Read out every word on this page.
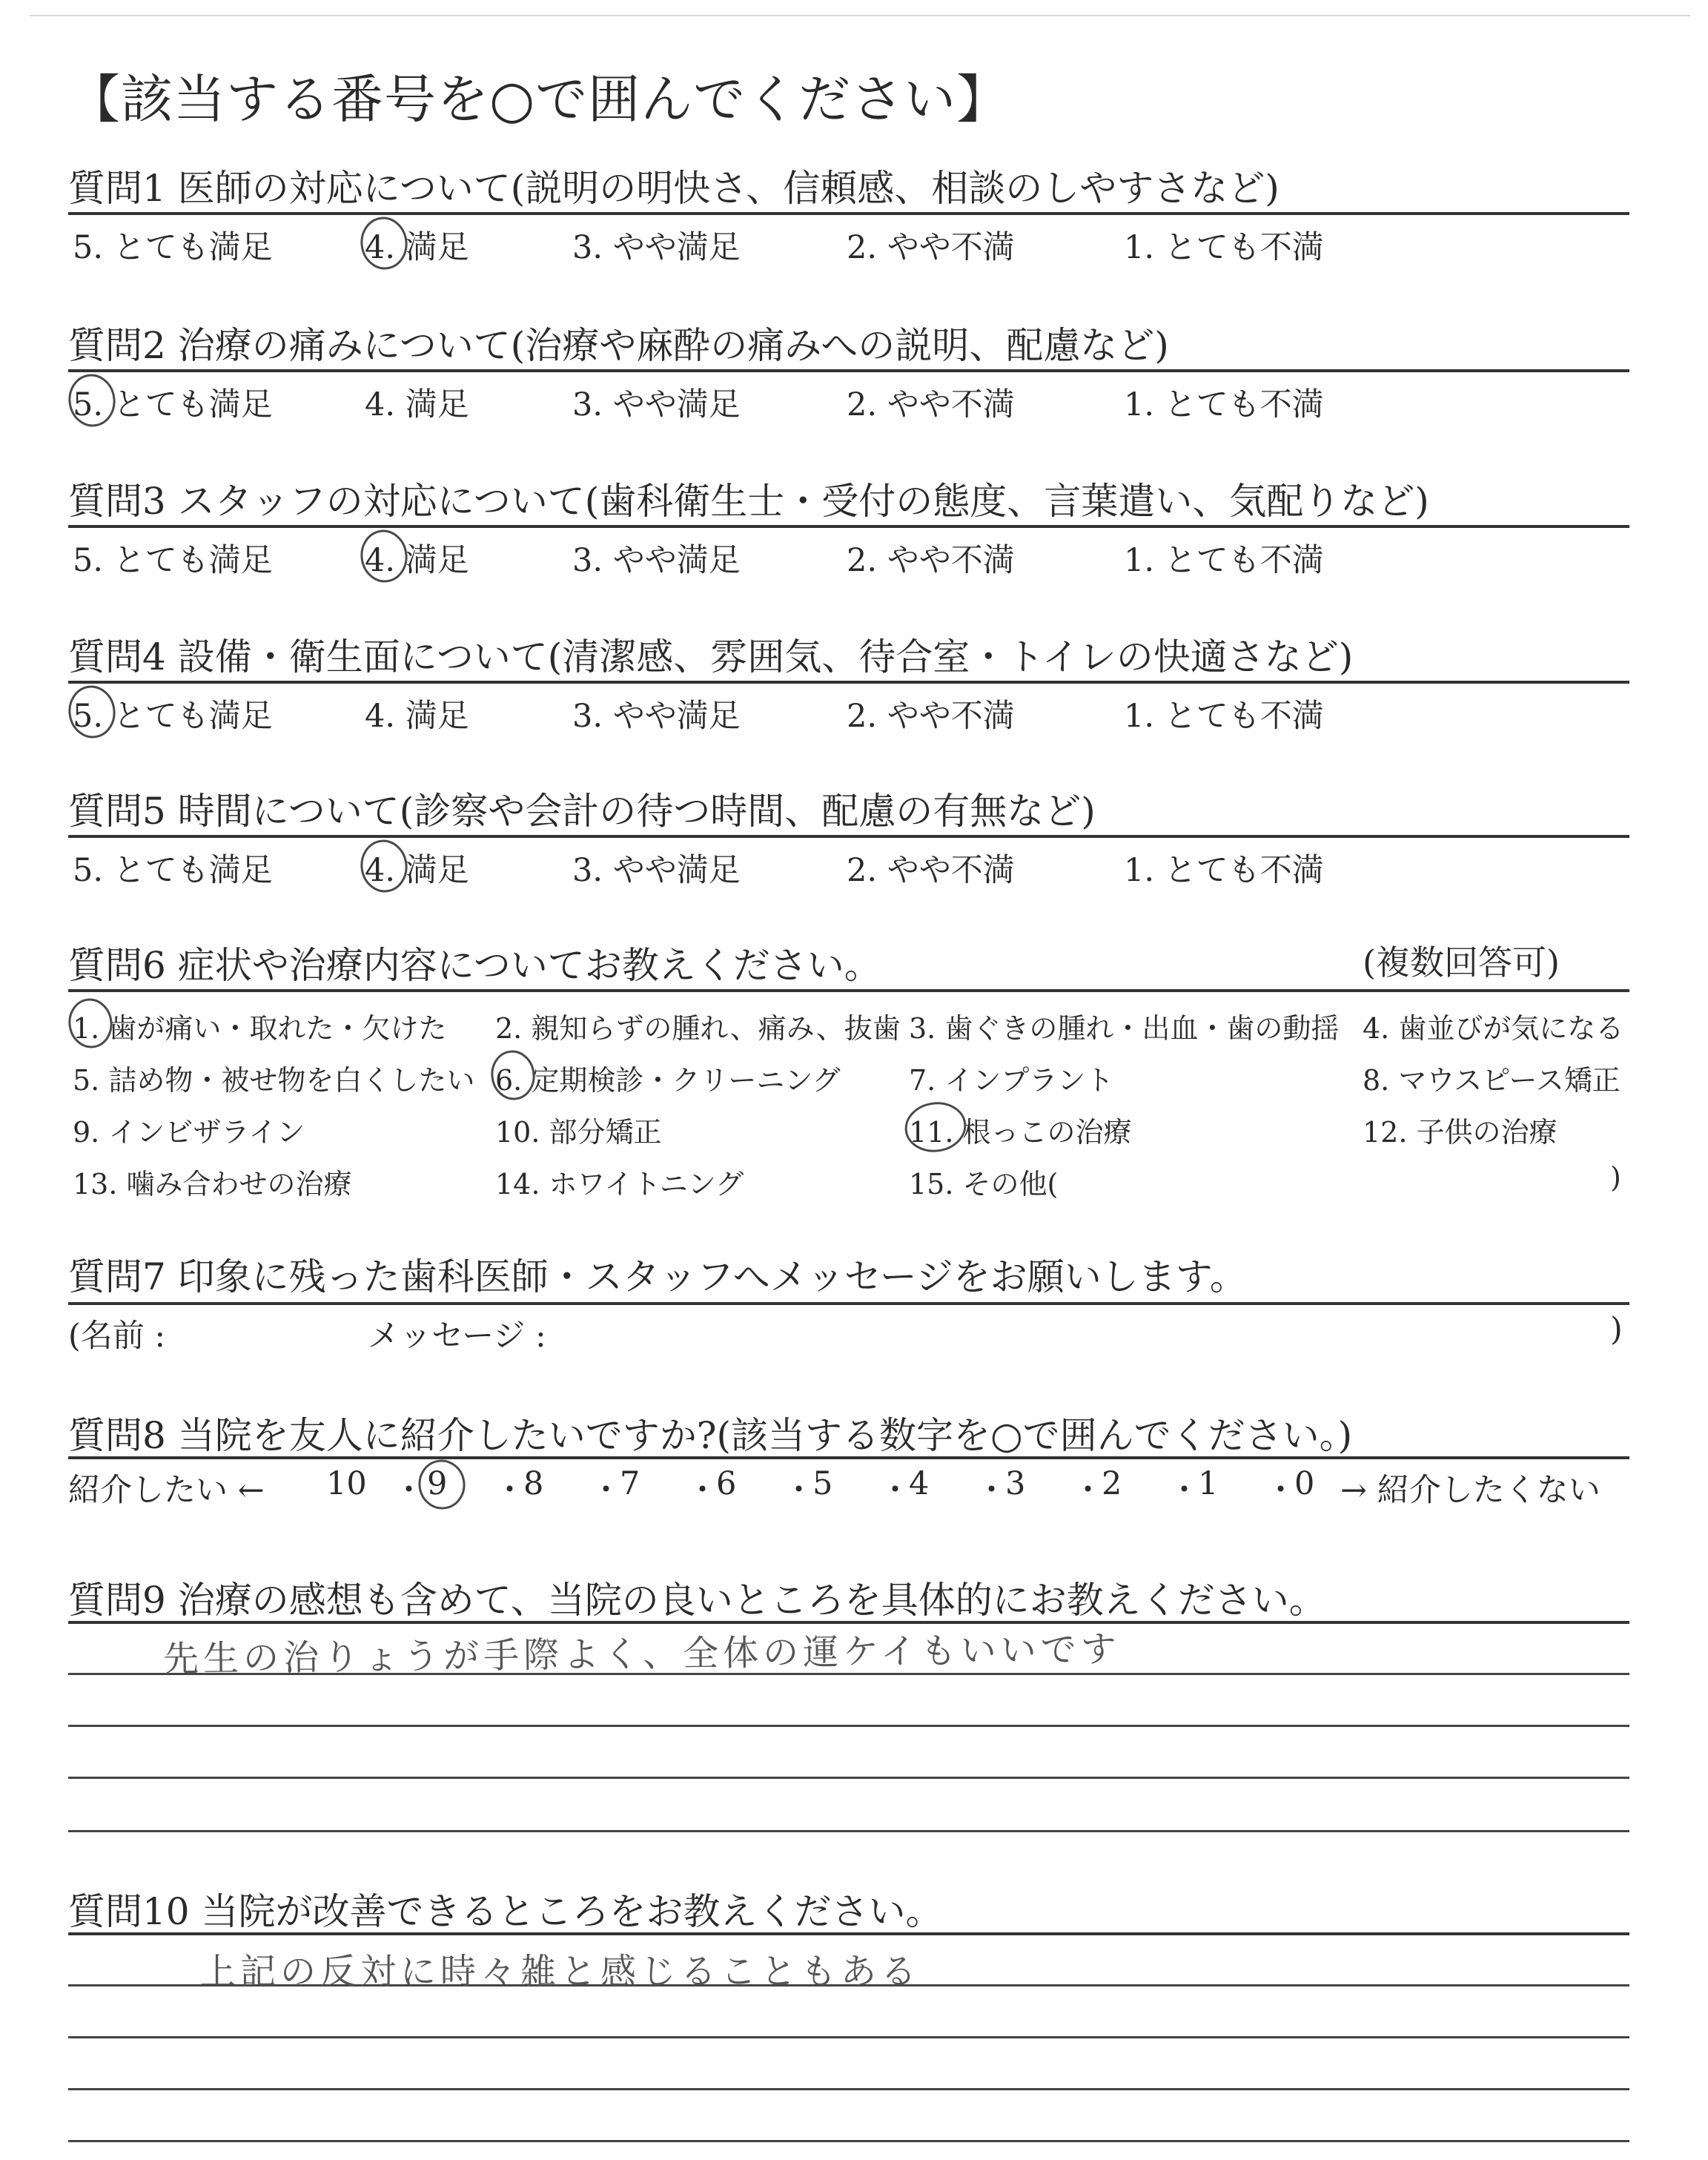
【該当する番号を○で囲んでください】
質問1 医師の対応について(説明の明快さ、信頼感、相談のしやすさなど)
5. とても満足	4. 満足	3. やや満足	2. やや不満	1. とても不満
質問2 治療の痛みについて(治療や麻酔の痛みへの説明、配慮など)
5. とても満足	4. 満足	3. やや満足	2. やや不満	1. とても不満
質問3 スタッフの対応について(歯科衛生士・受付の態度、言葉遣い、気配りなど)
5. とても満足	4. 満足	3. やや満足	2. やや不満	1. とても不満
質問4 設備・衛生面について(清潔感、雰囲気、待合室・トイレの快適さなど)
5. とても満足	4. 満足	3. やや満足	2. やや不満	1. とても不満
質問5 時間について(診察や会計の待つ時間、配慮の有無など)
5. とても満足	4. 満足	3. やや満足	2. やや不満	1. とても不満
質問6 症状や治療内容についてお教えください。	(複数回答可)
1. 歯が痛い・取れた・欠けた 2. 親知らずの腫れ、痛み、抜歯 3. 歯ぐきの腫れ・出血・歯の動揺 4. 歯並びが気になる
5. 詰め物・被せ物を白くしたい 6. 定期検診・クリーニング 7. インプラント	8. マウスピース矯正
9. インビザライン	10. 部分矯正	11. 根っこの治療	12. 子供の治療
13. 噛み合わせの治療	14. ホワイトニング	15. その他(	)
質問7 印象に残った歯科医師・スタッフへメッセージをお願いします。
(名前 :	メッセージ :	)
質問8 当院を友人に紹介したいですか?(該当する数字を○で囲んでください。)
紹介したい ←	→ 紹介したくない
10 ・ 9 ・
8 ・
7 ・
6 ・
5 ・
4 ・
3 ・
2 ・
1 ・
0
質問9 治療の感想も含めて、当院の良いところを具体的にお教えください。
先生の治りょうが手際よく、全体の運ケイもいいです
質問10 当院が改善できるところをお教えください。
上記の反対に時々雑と感じることもある
